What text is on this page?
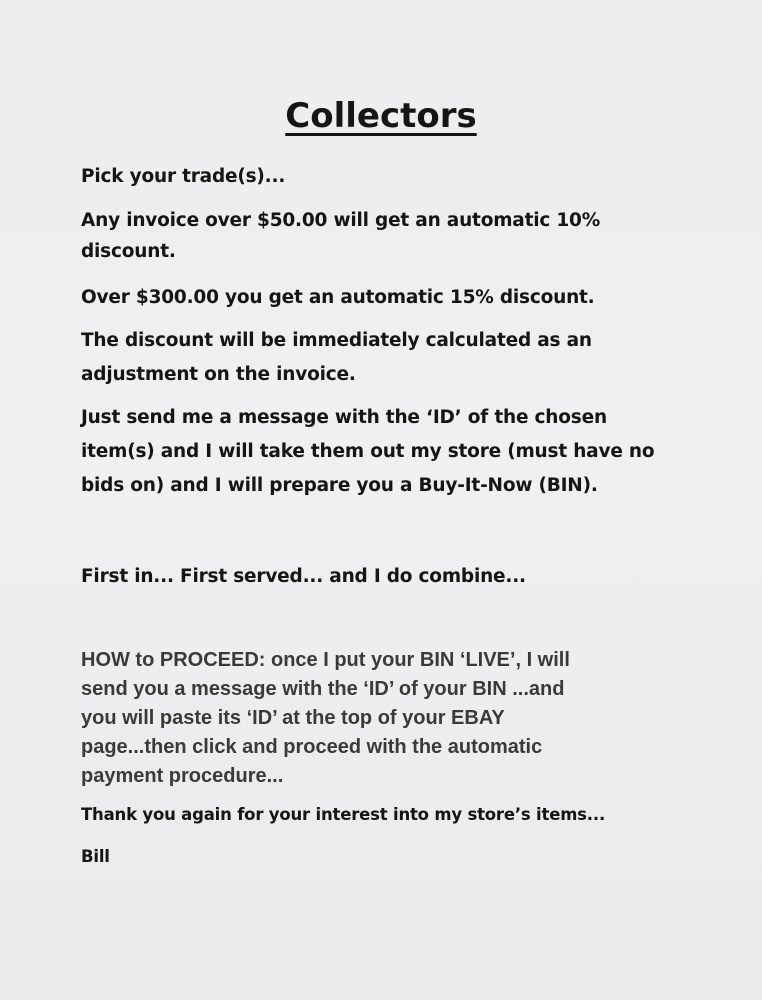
Collectors

Pick your trade(s)...

Any invoice over $50.00 will get an automatic 10%

discount.

Over $300.00 you get an automatic 15% discount.

The discount will be immediately calculated as an

adjustment on the invoice.

Just send me a message with the ‘ID’ of the chosen

item(s) and I will take them out my store (must have no

bids on) and I will prepare you a Buy-It-Now (BIN).

First in... First served... and I do combine...

HOW to PROCEED: once I put your BIN ‘LIVE’, I will

send you a message with the ‘ID’ of your BIN ...and

you will paste its ‘ID’ at the top of your EBAY

page...then click and proceed with the automatic

payment procedure...

Thank you again for your interest into my store’s items...

Bill
